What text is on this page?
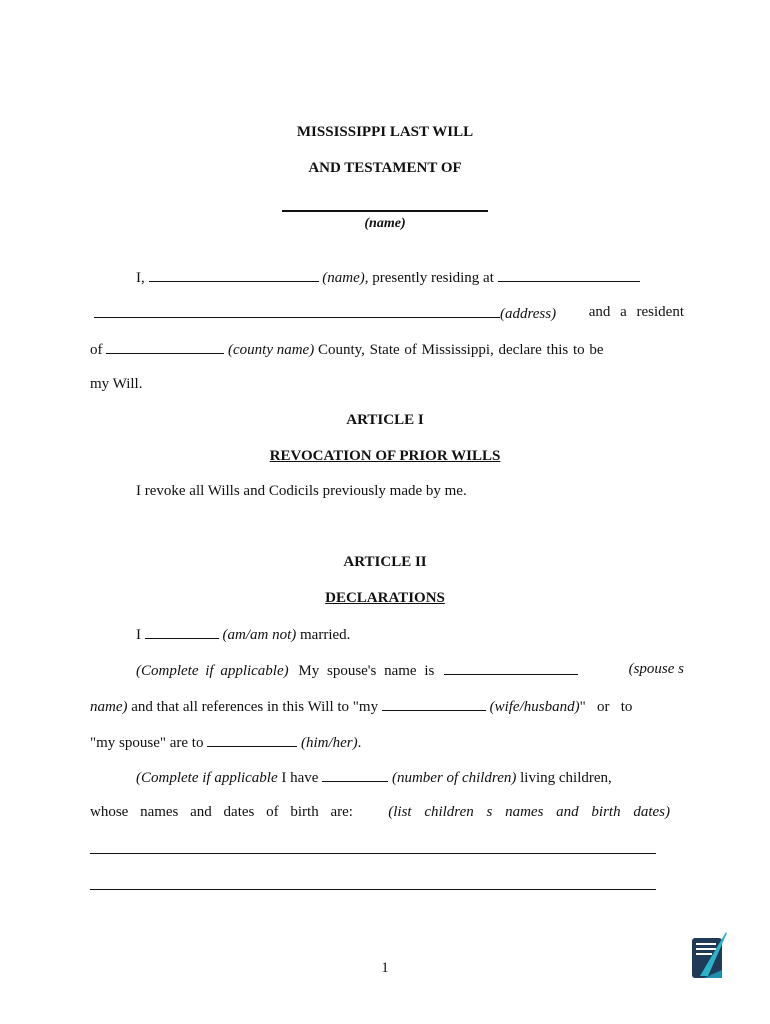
MISSISSIPPI LAST WILL
AND TESTAMENT OF
(name)
I,	(name), presently residing at
(address) and a resident
of	(county name) County, State of Mississippi, declare this to be
my Will.
ARTICLE I
REVOCATION OF PRIOR WILLS
I revoke all Wills and Codicils previously made by me.
ARTICLE II
DECLARATIONS
I	(am/am not) married.
(Complete if applicable) My spouse's name is	(spouse s
name) and that all references in this Will to "my	(wife/husband)"   or   to
"my spouse" are to	(him/her).
(Complete if applicable I have	(number of children) living children,
whose names and dates of birth are: (list children s names and birth dates)
1
